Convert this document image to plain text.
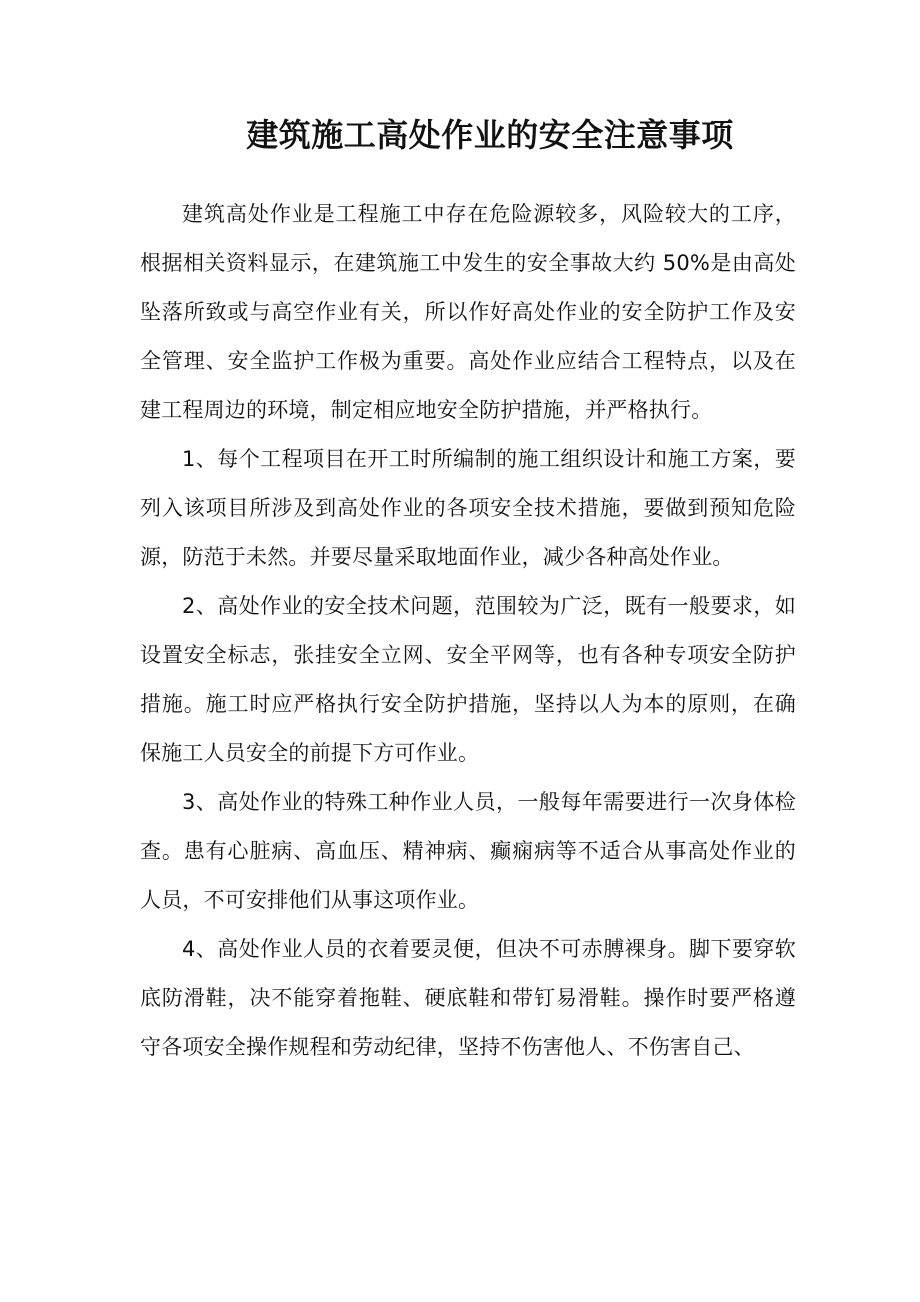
建筑施工高处作业的安全注意事项

建筑高处作业是工程施工中存在危险源较多，风险较大的工序，根据相关资料显示，在建筑施工中发生的安全事故大约 50%是由高处坠落所致或与高空作业有关，所以作好高处作业的安全防护工作及安全管理、安全监护工作极为重要。高处作业应结合工程特点，以及在建工程周边的环境，制定相应地安全防护措施，并严格执行。

1、每个工程项目在开工时所编制的施工组织设计和施工方案，要列入该项目所涉及到高处作业的各项安全技术措施，要做到预知危险源，防范于未然。并要尽量采取地面作业，减少各种高处作业。

2、高处作业的安全技术问题，范围较为广泛，既有一般要求，如设置安全标志，张挂安全立网、安全平网等，也有各种专项安全防护措施。施工时应严格执行安全防护措施，坚持以人为本的原则，在确保施工人员安全的前提下方可作业。

3、高处作业的特殊工种作业人员，一般每年需要进行一次身体检查。患有心脏病、高血压、精神病、癫痫病等不适合从事高处作业的人员，不可安排他们从事这项作业。

4、高处作业人员的衣着要灵便，但决不可赤膊裸身。脚下要穿软底防滑鞋，决不能穿着拖鞋、硬底鞋和带钉易滑鞋。操作时要严格遵守各项安全操作规程和劳动纪律，坚持不伤害他人、不伤害自己、
